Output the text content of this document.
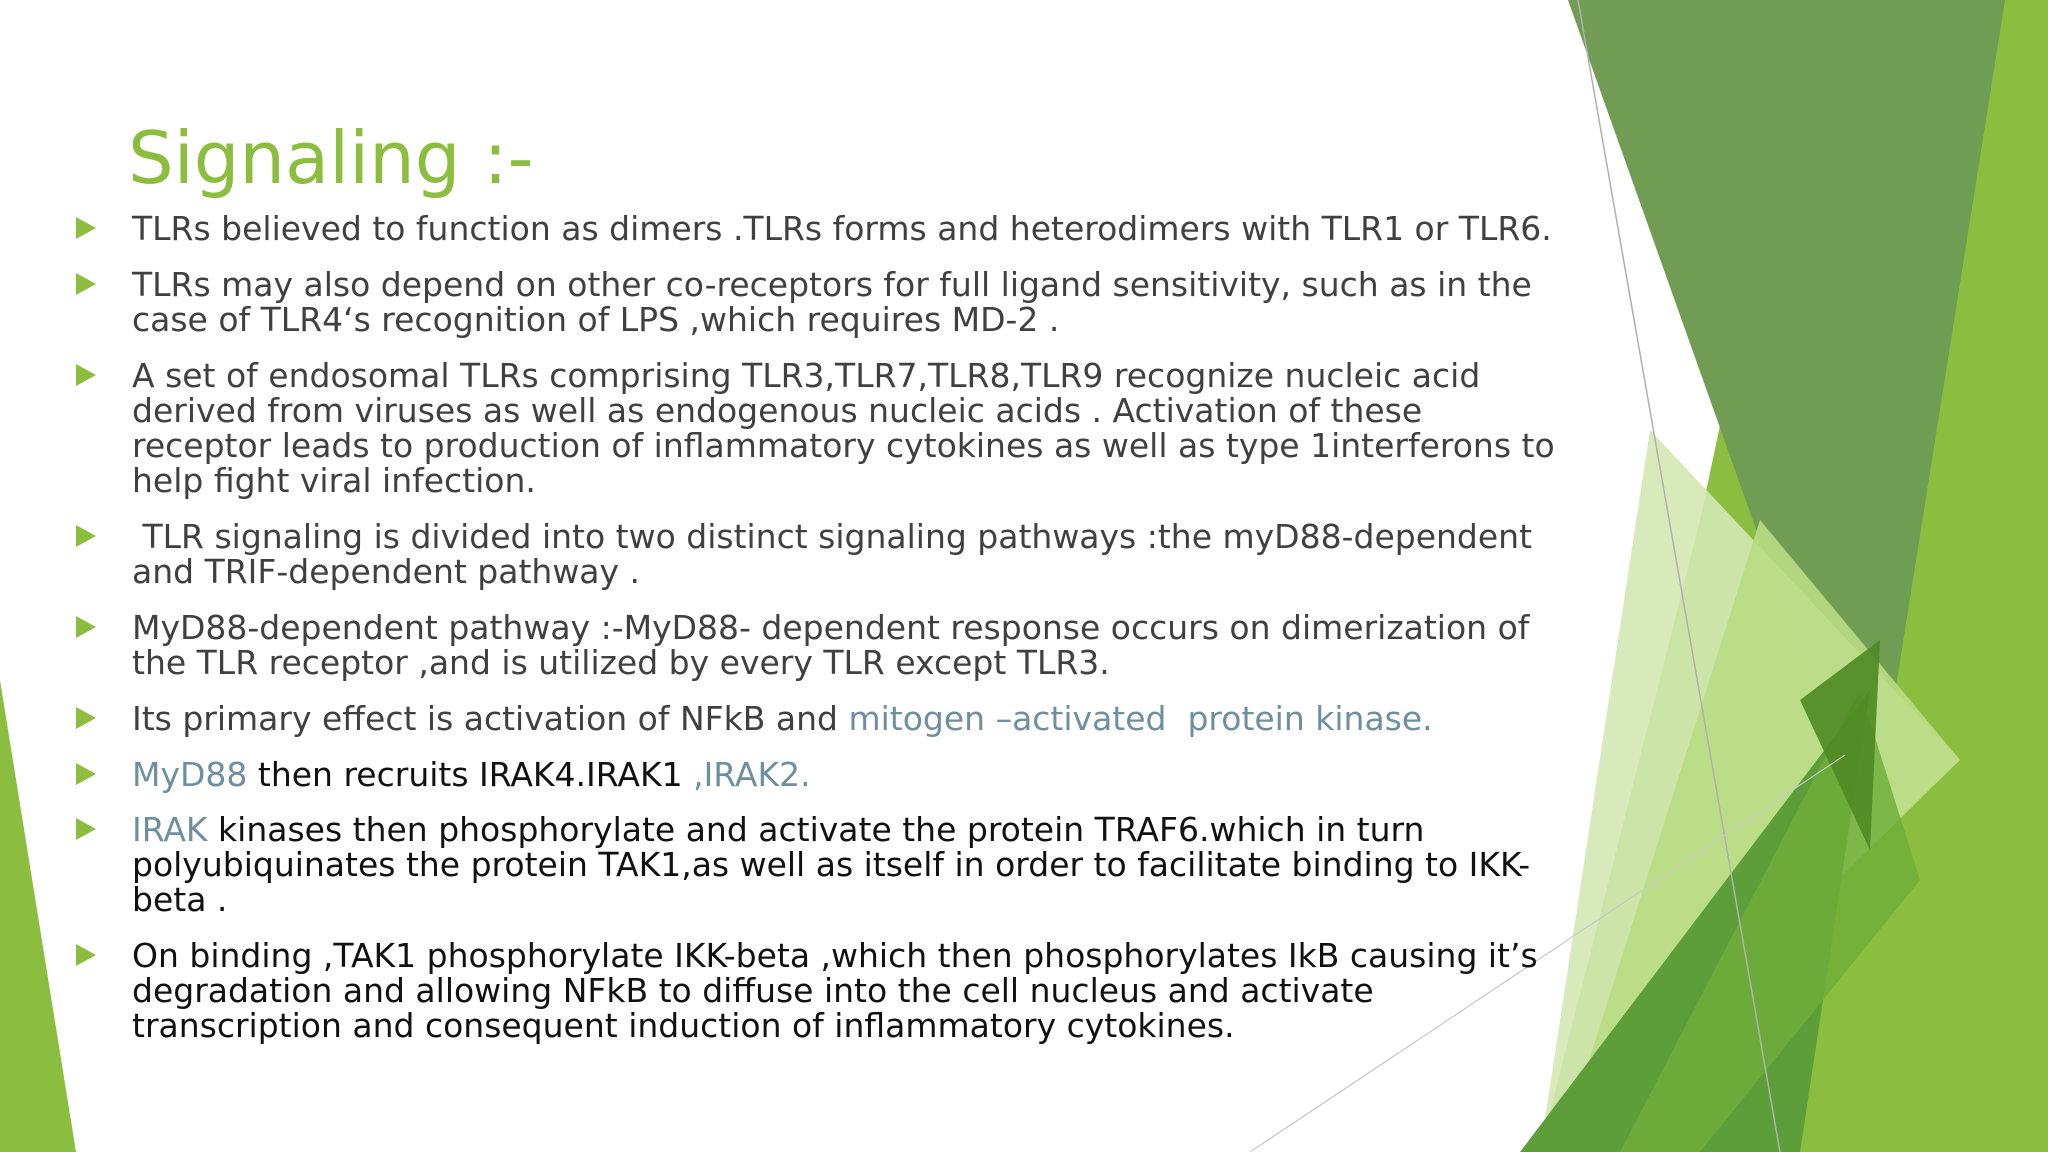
Signaling :-
TLRs believed to function as dimers .TLRs forms and heterodimers with TLR1 or TLR6.
TLRs may also depend on other co-receptors for full ligand sensitivity, such as in the case of TLR4‘s recognition of LPS ,which requires MD-2 .
A set of endosomal TLRs comprising TLR3,TLR7,TLR8,TLR9 recognize nucleic acid derived from viruses as well as endogenous nucleic acids . Activation of these receptor leads to production of inflammatory cytokines as well as type 1interferons to help fight viral infection.
TLR signaling is divided into two distinct signaling pathways :the myD88-dependent and TRIF-dependent pathway .
MyD88-dependent pathway :-MyD88- dependent response occurs on dimerization of the TLR receptor ,and is utilized by every TLR except TLR3.
Its primary effect is activation of NFkB and mitogen –activated  protein kinase.
MyD88 then recruits IRAK4.IRAK1 ,IRAK2.
IRAK kinases then phosphorylate and activate the protein TRAF6.which in turn polyubiquinates the protein TAK1,as well as itself in order to facilitate binding to IKK-beta .
On binding ,TAK1 phosphorylate IKK-beta ,which then phosphorylates IkB causing it’s degradation and allowing NFkB to diffuse into the cell nucleus and activate transcription and consequent induction of inflammatory cytokines.
